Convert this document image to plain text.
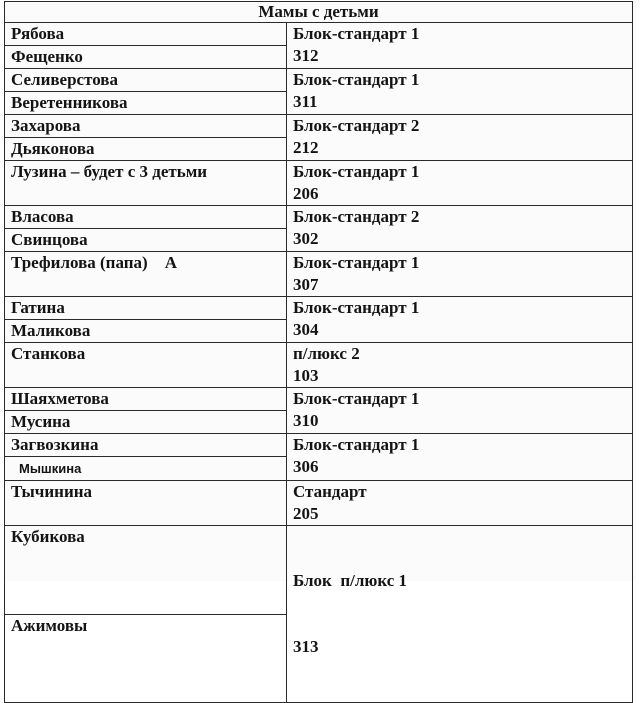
Мамы с детьми	
Рябова	Блок-стандарт 1
312

Фещенко	
Селиверстова	Блок-стандарт 1
311

Веретенникова	
Захарова	Блок-стандарт 2
212

Дьяконова	
Лузина – будет с 3 детьми	Блок-стандарт 1
206

Власова	Блок-стандарт 2
302

Свинцова	
Трефилова (папа)    А	Блок-стандарт 1
307

Гатина	Блок-стандарт 1
304

Маликова	
Станкова	п/люкс 2
103

Шаяхметова	Блок-стандарт 1
310

Мусина	
Загвозкина	Блок-стандарт 1
306

Мышкина	
Тычинина	Стандарт
205

Кубикова	Блок  п/люкс 1

313

Ажимовы	
